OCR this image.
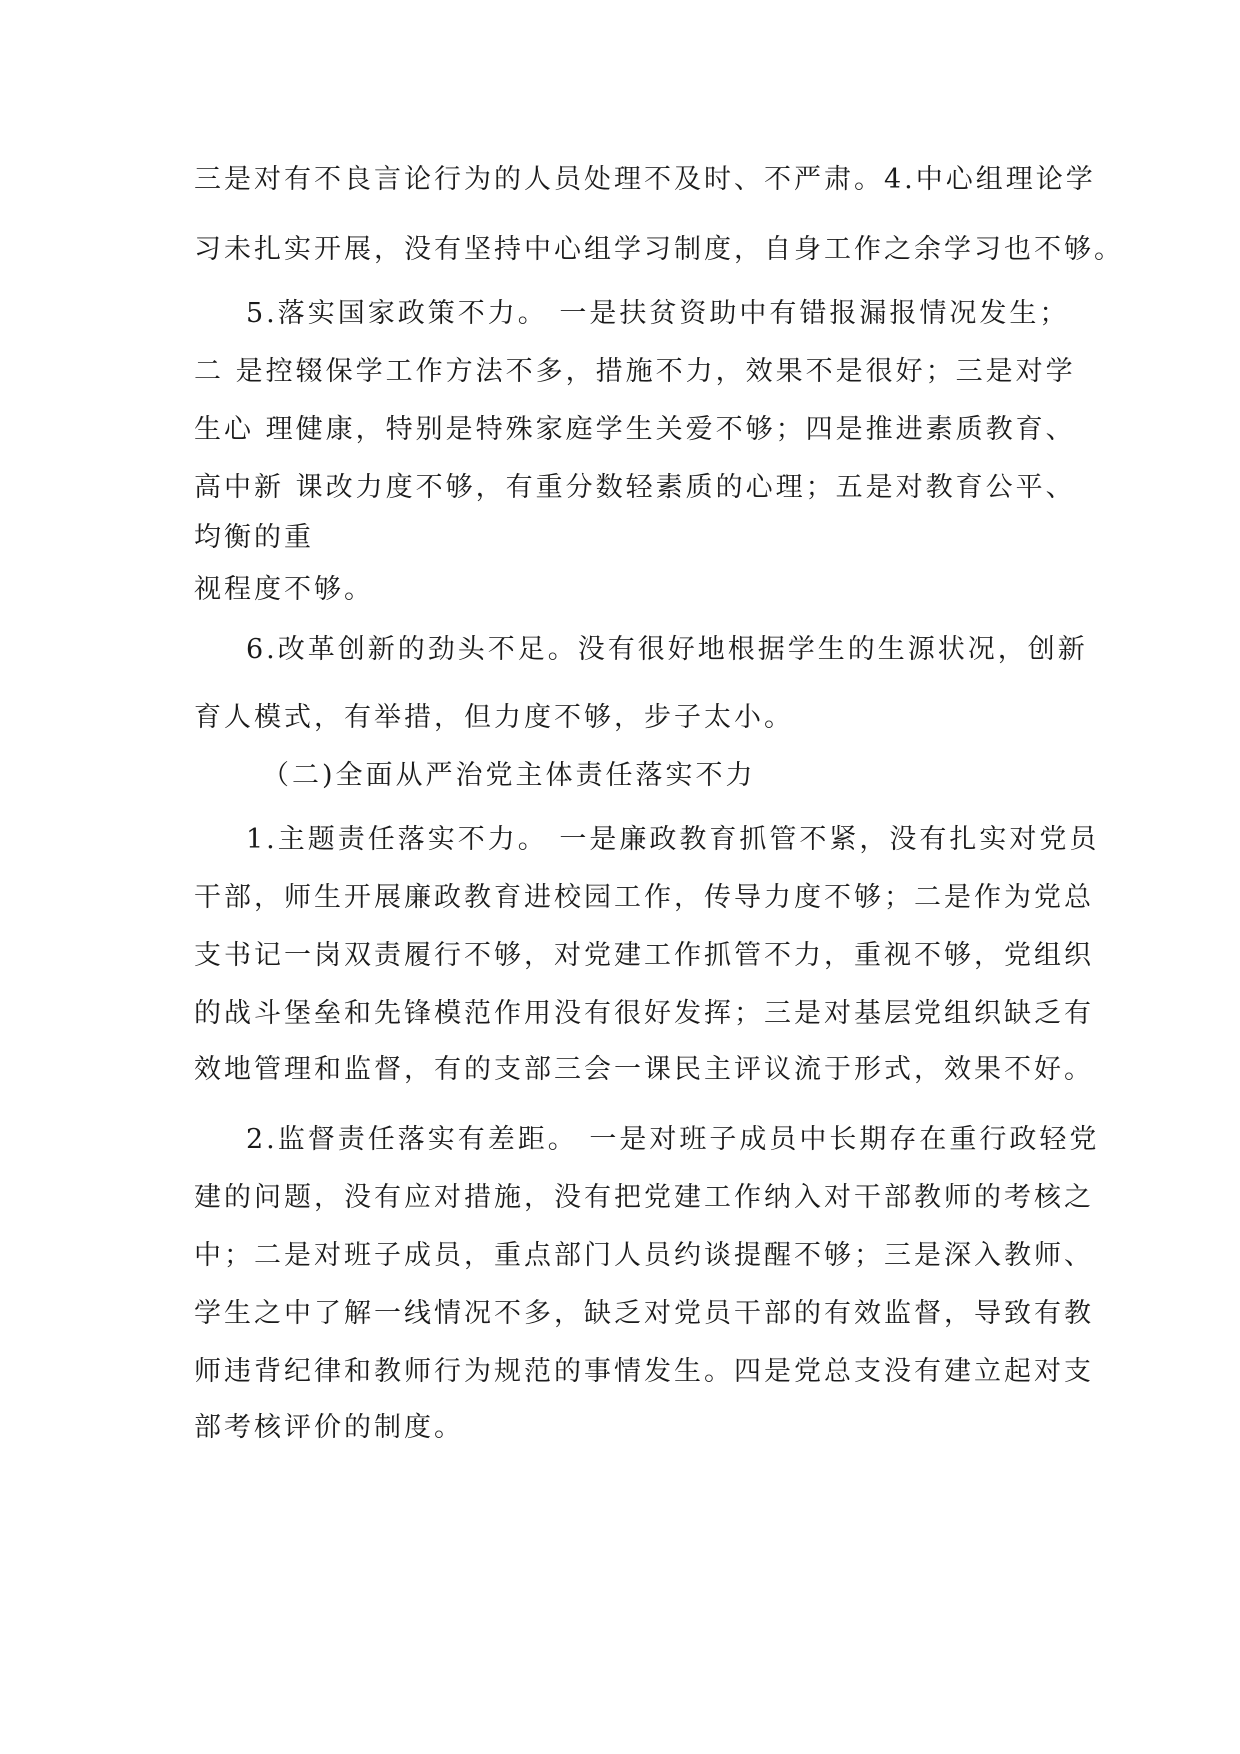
三是对有不良言论行为的人员处理不及时、不严肃。4.中心组理论学
习未扎实开展，没有坚持中心组学习制度，自身工作之余学习也不够。
5.落实国家政策不力。 一是扶贫资助中有错报漏报情况发生；
二 是控辍保学工作方法不多，措施不力，效果不是很好；三是对学
生心 理健康，特别是特殊家庭学生关爱不够；四是推进素质教育、
高中新 课改力度不够，有重分数轻素质的心理；五是对教育公平、
均衡的重
视程度不够。
6.改革创新的劲头不足。没有很好地根据学生的生源状况，创新
育人模式，有举措，但力度不够，步子太小。
（二)全面从严治党主体责任落实不力
1.主题责任落实不力。 一是廉政教育抓管不紧，没有扎实对党员
干部，师生开展廉政教育进校园工作，传导力度不够；二是作为党总
支书记一岗双责履行不够，对党建工作抓管不力，重视不够，党组织
的战斗堡垒和先锋模范作用没有很好发挥；三是对基层党组织缺乏有
效地管理和监督，有的支部三会一课民主评议流于形式，效果不好。
2.监督责任落实有差距。 一是对班子成员中长期存在重行政轻党
建的问题，没有应对措施，没有把党建工作纳入对干部教师的考核之
中；二是对班子成员，重点部门人员约谈提醒不够；三是深入教师、
学生之中了解一线情况不多，缺乏对党员干部的有效监督，导致有教
师违背纪律和教师行为规范的事情发生。四是党总支没有建立起对支
部考核评价的制度。
